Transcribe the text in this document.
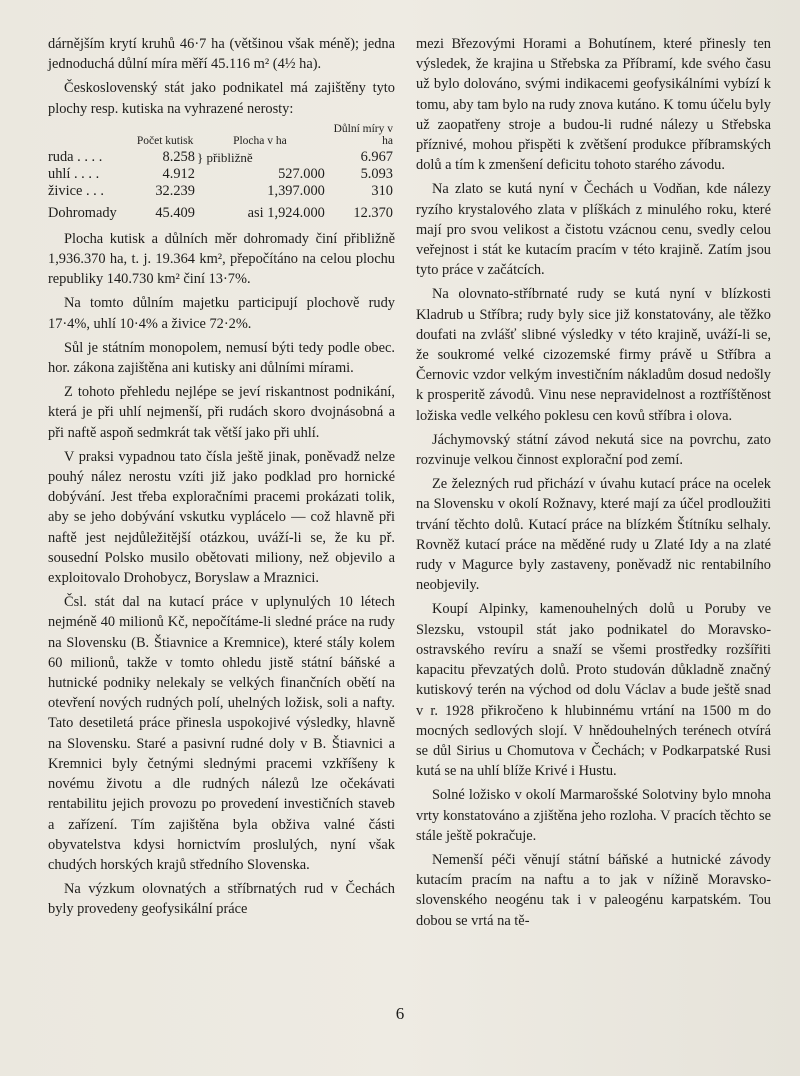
dárnějším krytí kruhů 46·7 ha (většinou však méně); jedna jednoduchá důlní míra měří 45.116 m² (4½ ha).

Československý stát jako podnikatel má zajištěny tyto plochy resp. kutiska na vyhrazené nerosty:

	Počet kutisk	Plocha v ha		Důlní míry v ha
ruda . . . .	8.258	} přibližně		6.967
uhlí . . . .	4.912	527.000		5.093
živice . . .	32.239	1,397.000		310
Dohromady	45.409	asi 1,924.000		12.370

Plocha kutisk a důlních měr dohromady činí přibližně 1,936.370 ha, t. j. 19.364 km², přepočítáno na celou plochu republiky 140.730 km² činí 13·7%.

Na tomto důlním majetku participují plochově rudy 17·4%, uhlí 10·4% a živice 72·2%.

Sůl je státním monopolem, nemusí býti tedy podle obec. hor. zákona zajištěna ani kutisky ani důlními mírami.

Z tohoto přehledu nejlépe se jeví riskantnost podnikání, která je při uhlí nejmenší, při rudách skoro dvojnásobná a při naftě aspoň sedmkrát tak větší jako při uhlí.

V praksi vypadnou tato čísla ještě jinak, poněvadž nelze pouhý nález nerostu vzíti již jako podklad pro hornické dobývání. Jest třeba exploračními pracemi prokázati tolik, aby se jeho dobývání vskutku vyplácelo — což hlavně při naftě jest nejdůležitější otázkou, uváží-li se, že ku př. sousední Polsko musilo obětovati miliony, než objevilo a exploitovalo Drohobycz, Boryslaw a Mraznici.

Čsl. stát dal na kutací práce v uplynulých 10 létech nejméně 40 milionů Kč, nepočítáme-li sledné práce na rudy na Slovensku (B. Štiavnice a Kremnice), které stály kolem 60 milionů, takže v tomto ohledu jistě státní báňské a hutnické podniky nelekaly se velkých finančních obětí na otevření nových rudných polí, uhelných ložisk, soli a nafty. Tato desetiletá práce přinesla uspokojivé výsledky, hlavně na Slovensku. Staré a pasivní rudné doly v B. Štiavnici a Kremnici byly četnými slednými pracemi vzkříšeny k novému životu a dle rudných nálezů lze očekávati rentabilitu jejich provozu po provedení investičních staveb a zařízení. Tím zajištěna byla obživa valné části obyvatelstva kdysi hornictvím proslulých, nyní však chudých horských krajů středního Slovenska.

Na výzkum olovnatých a stříbrnatých rud v Čechách byly provedeny geofysikální práce

mezi Březovými Horami a Bohutínem, které přinesly ten výsledek, že krajina u Střebska za Příbramí, kde svého času už bylo dolováno, svými indikacemi geofysikálními vybízí k tomu, aby tam bylo na rudy znova kutáno. K tomu účelu byly už zaopatřeny stroje a budou-li rudné nálezy u Střebska příznivé, mohou přispěti k zvětšení produkce příbramských dolů a tím k zmenšení deficitu tohoto starého závodu.

Na zlato se kutá nyní v Čechách u Vodňan, kde nálezy ryzího krystalového zlata v plíškách z minulého roku, které mají pro svou velikost a čistotu vzácnou cenu, svedly celou veřejnost i stát ke kutacím pracím v této krajině. Zatím jsou tyto práce v začátcích.

Na olovnato-stříbrnaté rudy se kutá nyní v blízkosti Kladrub u Stříbra; rudy byly sice již konstatovány, ale těžko doufati na zvlášť slibné výsledky v této krajině, uváží-li se, že soukromé velké cizozemské firmy právě u Stříbra a Černovic vzdor velkým investičním nákladům dosud nedošly k prosperitě závodů. Vinu nese nepravidelnost a roztříštěnost ložiska vedle velkého poklesu cen kovů stříbra i olova.

Jáchymovský státní závod nekutá sice na povrchu, zato rozvinuje velkou činnost explorační pod zemí.

Ze železných rud přichází v úvahu kutací práce na ocelek na Slovensku v okolí Rožnavy, které mají za účel prodloužiti trvání těchto dolů. Kutací práce na blízkém Štítníku selhaly. Rovněž kutací práce na měděné rudy u Zlaté Idy a na zlaté rudy v Magurce byly zastaveny, poněvadž nic rentabilního neobjevily.

Koupí Alpinky, kamenouhelných dolů u Poruby ve Slezsku, vstoupil stát jako podnikatel do Moravsko-ostravského revíru a snaží se všemi prostředky rozšířiti kapacitu převzatých dolů. Proto studován důkladně značný kutiskový terén na východ od dolu Václav a bude ještě snad v r. 1928 přikročeno k hlubinnému vrtání na 1500 m do mocných sedlových slojí. V hnědouhelných terénech otvírá se důl Sirius u Chomutova v Čechách; v Podkarpatské Rusi kutá se na uhlí blíže Krivé i Hustu.

Solné ložisko v okolí Marmarošské Solotviny bylo mnoha vrty konstatováno a zjištěna jeho rozloha. V pracích těchto se stále ještě pokračuje.

Nemenší péči věnují státní báňské a hutnické závody kutacím pracím na naftu a to jak v nížině Moravsko-slovenského neogénu tak i v paleogénu karpatském. Tou dobou se vrtá na tě-

6
